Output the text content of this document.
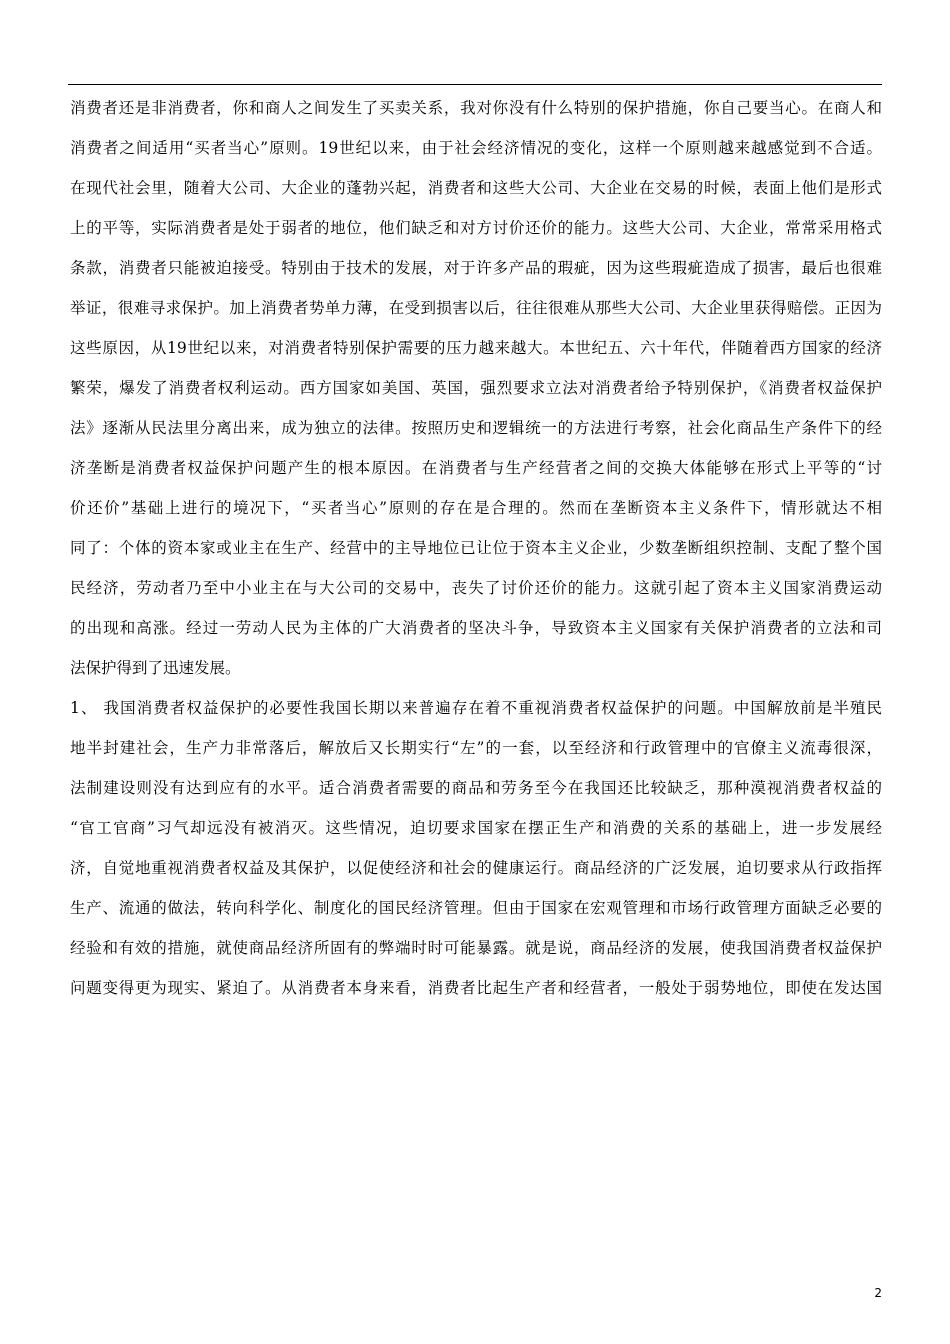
消费者还是非消费者，你和商人之间发生了买卖关系，我对你没有什么特别的保护措施，你自己要当心。在商人和
消费者之间适用“买者当心”原则。19世纪以来，由于社会经济情况的变化，这样一个原则越来越感觉到不合适。
在现代社会里，随着大公司、大企业的蓬勃兴起，消费者和这些大公司、大企业在交易的时候，表面上他们是形式
上的平等，实际消费者是处于弱者的地位，他们缺乏和对方讨价还价的能力。这些大公司、大企业，常常采用格式
条款，消费者只能被迫接受。特别由于技术的发展，对于许多产品的瑕疵，因为这些瑕疵造成了损害，最后也很难
举证，很难寻求保护。加上消费者势单力薄，在受到损害以后，往往很难从那些大公司、大企业里获得赔偿。正因为
这些原因，从19世纪以来，对消费者特别保护需要的压力越来越大。本世纪五、六十年代，伴随着西方国家的经济
繁荣，爆发了消费者权利运动。西方国家如美国、英国，强烈要求立法对消费者给予特别保护，《消费者权益保护
法》逐渐从民法里分离出来，成为独立的法律。按照历史和逻辑统一的方法进行考察，社会化商品生产条件下的经
济垄断是消费者权益保护问题产生的根本原因。在消费者与生产经营者之间的交换大体能够在形式上平等的“讨
价还价”基础上进行的境况下，“买者当心”原则的存在是合理的。然而在垄断资本主义条件下，情形就达不相
同了：个体的资本家或业主在生产、经营中的主导地位已让位于资本主义企业，少数垄断组织控制、支配了整个国
民经济，劳动者乃至中小业主在与大公司的交易中，丧失了讨价还价的能力。这就引起了资本主义国家消费运动
的出现和高涨。经过一劳动人民为主体的广大消费者的坚决斗争，导致资本主义国家有关保护消费者的立法和司
法保护得到了迅速发展。
1、 我国消费者权益保护的必要性我国长期以来普遍存在着不重视消费者权益保护的问题。中国解放前是半殖民
地半封建社会，生产力非常落后，解放后又长期实行“左”的一套，以至经济和行政管理中的官僚主义流毒很深，
法制建设则没有达到应有的水平。适合消费者需要的商品和劳务至今在我国还比较缺乏，那种漠视消费者权益的
“官工官商”习气却远没有被消灭。这些情况，迫切要求国家在摆正生产和消费的关系的基础上，进一步发展经
济，自觉地重视消费者权益及其保护，以促使经济和社会的健康运行。商品经济的广泛发展，迫切要求从行政指挥
生产、流通的做法，转向科学化、制度化的国民经济管理。但由于国家在宏观管理和市场行政管理方面缺乏必要的
经验和有效的措施，就使商品经济所固有的弊端时时可能暴露。就是说，商品经济的发展，使我国消费者权益保护
问题变得更为现实、紧迫了。从消费者本身来看，消费者比起生产者和经营者，一般处于弱势地位，即使在发达国
2
